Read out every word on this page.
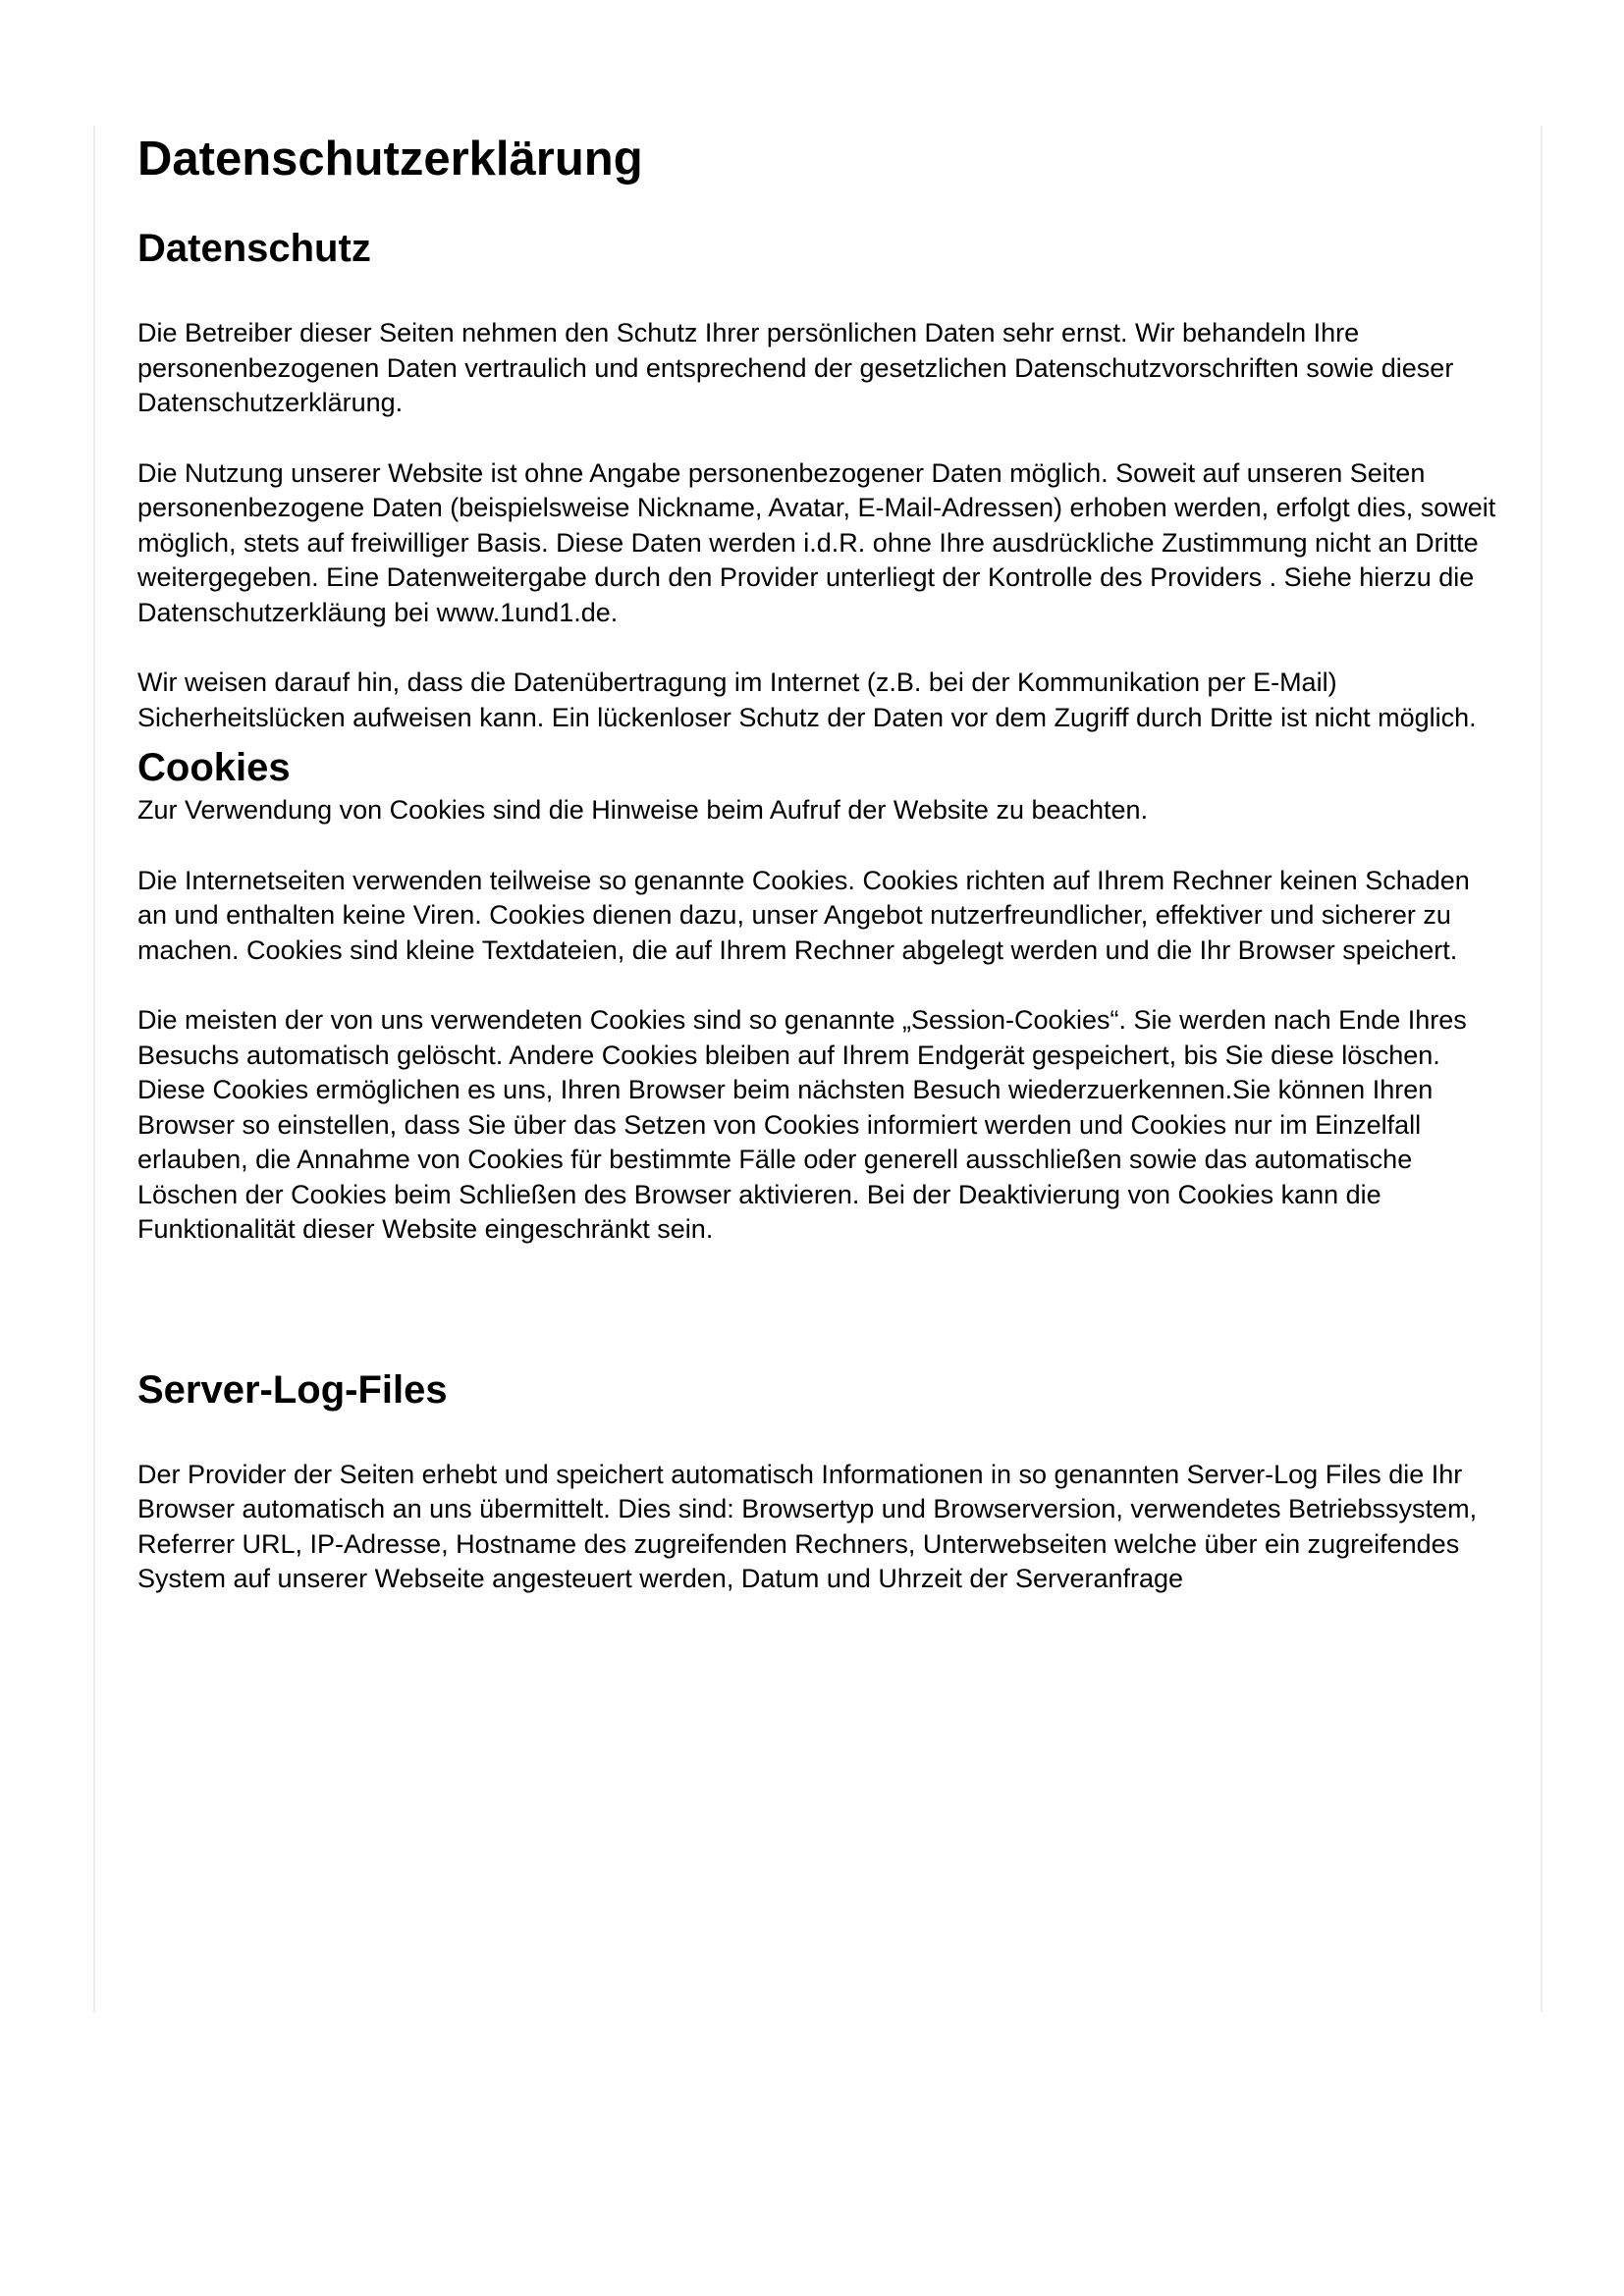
Datenschutzerklärung
Datenschutz

Die Betreiber dieser Seiten nehmen den Schutz Ihrer persönlichen Daten sehr ernst. Wir behandeln Ihre personenbezogenen Daten vertraulich und entsprechend der gesetzlichen Datenschutzvorschriften sowie dieser Datenschutzerklärung.

Die Nutzung unserer Website ist ohne Angabe personenbezogener Daten möglich. Soweit auf unseren Seiten personenbezogene Daten (beispielsweise Nickname, Avatar, E-Mail-Adressen) erhoben werden, erfolgt dies, soweit möglich, stets auf freiwilliger Basis. Diese Daten werden i.d.R. ohne Ihre ausdrückliche Zustimmung nicht an Dritte weitergegeben. Eine Datenweitergabe durch den Provider unterliegt der Kontrolle des Providers . Siehe hierzu die Datenschutzerkläung bei www.1und1.de.

Wir weisen darauf hin, dass die Datenübertragung im Internet (z.B. bei der Kommunikation per E-Mail) Sicherheitslücken aufweisen kann. Ein lückenloser Schutz der Daten vor dem Zugriff durch Dritte ist nicht möglich.

Cookies

Zur Verwendung von Cookies sind die Hinweise beim Aufruf der Website zu beachten.

Die Internetseiten verwenden teilweise so genannte Cookies. Cookies richten auf Ihrem Rechner keinen Schaden an und enthalten keine Viren. Cookies dienen dazu, unser Angebot nutzerfreundlicher, effektiver und sicherer zu machen. Cookies sind kleine Textdateien, die auf Ihrem Rechner abgelegt werden und die Ihr Browser speichert.

Die meisten der von uns verwendeten Cookies sind so genannte „Session-Cookies“. Sie werden nach Ende Ihres Besuchs automatisch gelöscht. Andere Cookies bleiben auf Ihrem Endgerät gespeichert, bis Sie diese löschen. Diese Cookies ermöglichen es uns, Ihren Browser beim nächsten Besuch wiederzuerkennen.Sie können Ihren Browser so einstellen, dass Sie über das Setzen von Cookies informiert werden und Cookies nur im Einzelfall erlauben, die Annahme von Cookies für bestimmte Fälle oder generell ausschließen sowie das automatische Löschen der Cookies beim Schließen des Browser aktivieren. Bei der Deaktivierung von Cookies kann die Funktionalität dieser Website eingeschränkt sein.

Server-Log-Files

Der Provider der Seiten erhebt und speichert automatisch Informationen in so genannten Server-Log Files die Ihr Browser automatisch an uns übermittelt. Dies sind: Browsertyp und Browserversion, verwendetes Betriebssystem, Referrer URL, IP-Adresse, Hostname des zugreifenden Rechners, Unterwebseiten welche über ein zugreifendes System auf unserer Webseite angesteuert werden, Datum und Uhrzeit der Serveranfrage
